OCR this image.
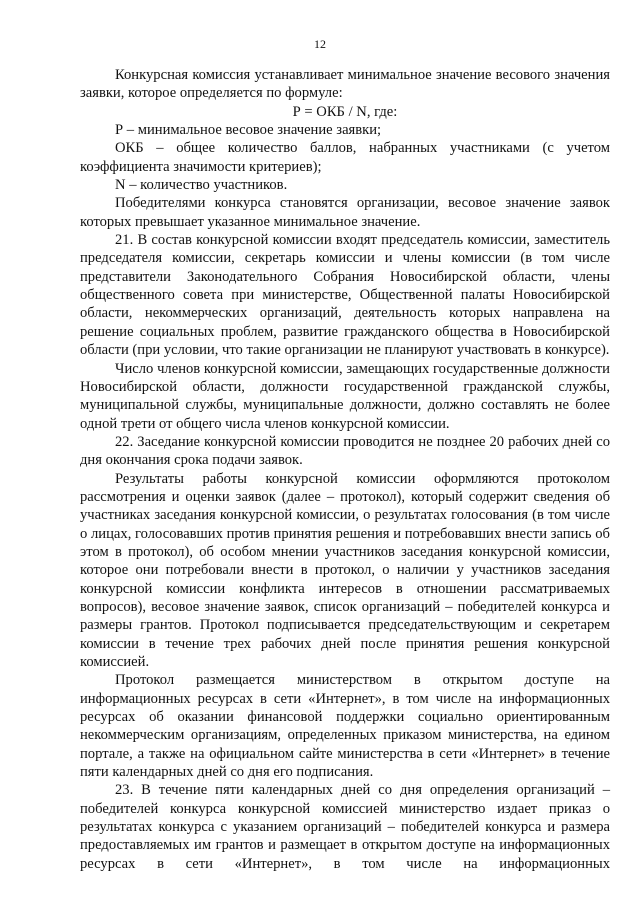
12

Конкурсная комиссия устанавливает минимальное значение весового значения заявки, которое определяется по формуле:

Р = ОКБ / N, где:

Р – минимальное весовое значение заявки;

ОКБ – общее количество баллов, набранных участниками (с учетом коэффициента значимости критериев);

N – количество участников.

Победителями конкурса становятся организации, весовое значение заявок которых превышает указанное минимальное значение.

21. В состав конкурсной комиссии входят председатель комиссии, заместитель председателя комиссии, секретарь комиссии и члены комиссии (в том числе представители Законодательного Собрания Новосибирской области, члены общественного совета при министерстве, Общественной палаты Новосибирской области, некоммерческих организаций, деятельность которых направлена на решение социальных проблем, развитие гражданского общества в Новосибирской области (при условии, что такие организации не планируют участвовать в конкурсе).

Число членов конкурсной комиссии, замещающих государственные должности Новосибирской области, должности государственной гражданской службы, муниципальной службы, муниципальные должности, должно составлять не более одной трети от общего числа членов конкурсной комиссии.

22. Заседание конкурсной комиссии проводится не позднее 20 рабочих дней со дня окончания срока подачи заявок.

Результаты работы конкурсной комиссии оформляются протоколом рассмотрения и оценки заявок (далее – протокол), который содержит сведения об участниках заседания конкурсной комиссии, о результатах голосования (в том числе о лицах, голосовавших против принятия решения и потребовавших внести запись об этом в протокол), об особом мнении участников заседания конкурсной комиссии, которое они потребовали внести в протокол, о наличии у участников заседания конкурсной комиссии конфликта интересов в отношении рассматриваемых вопросов), весовое значение заявок, список организаций – победителей конкурса и размеры грантов. Протокол подписывается председательствующим и секретарем комиссии в течение трех рабочих дней после принятия решения конкурсной комиссией.

Протокол размещается министерством в открытом доступе на информационных ресурсах в сети «Интернет», в том числе на информационных ресурсах об оказании финансовой поддержки социально ориентированным некоммерческим организациям, определенных приказом министерства, на едином портале, а также на официальном сайте министерства в сети «Интернет» в течение пяти календарных дней со дня его подписания.

23. В течение пяти календарных дней со дня определения организаций – победителей конкурса конкурсной комиссией министерство издает приказ о результатах конкурса с указанием организаций – победителей конкурса и размера предоставляемых им грантов и размещает в открытом доступе на информационных ресурсах в сети «Интернет», в том числе на информационных
